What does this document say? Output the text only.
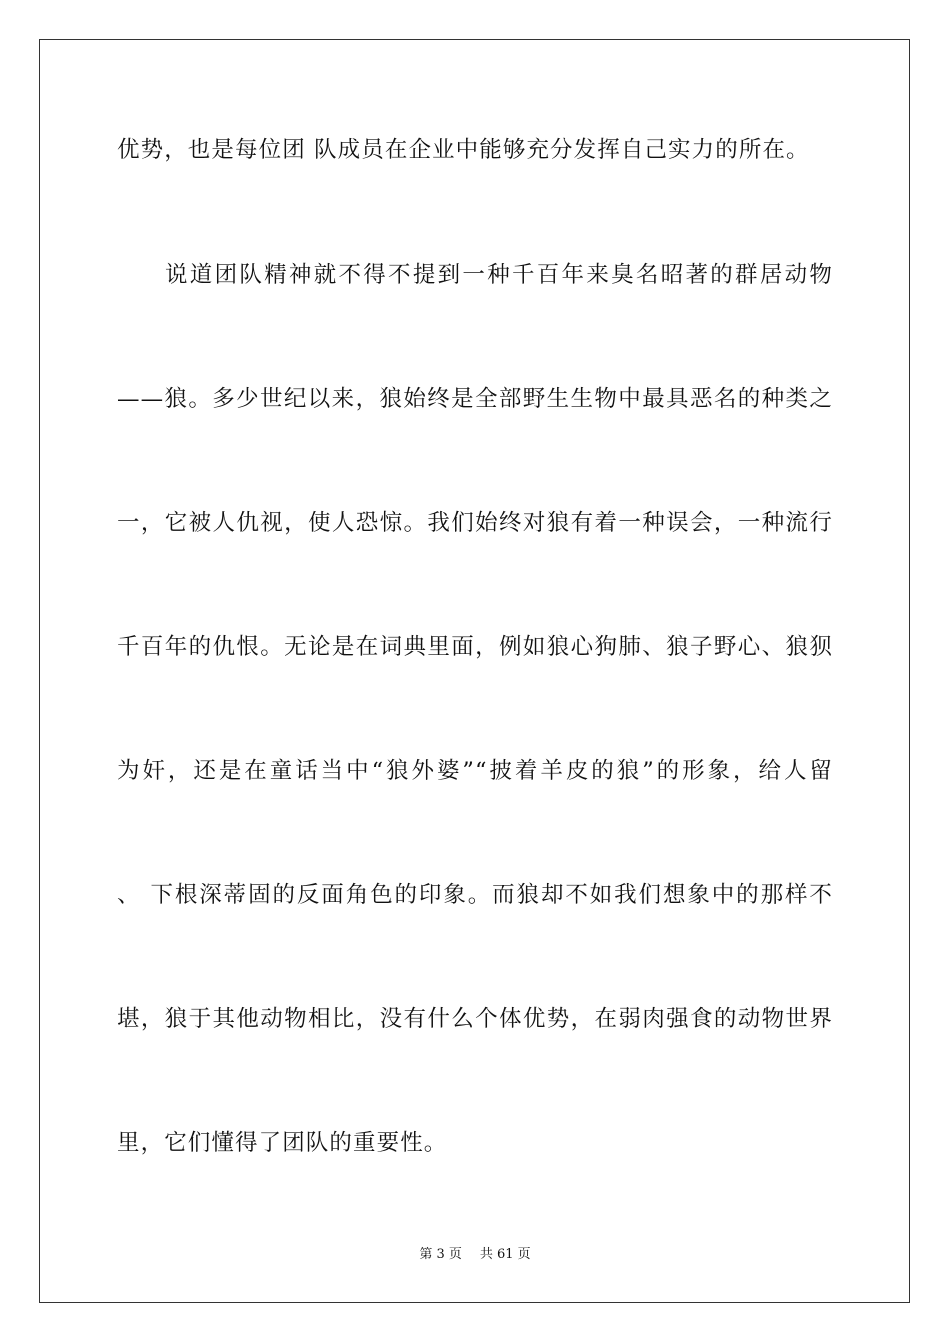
优势，也是每位团 队成员在企业中能够充分发挥自己实力的所在。
说道团队精神就不得不提到一种千百年来臭名昭著的群居动物
——狼。多少世纪以来，狼始终是全部野生生物中最具恶名的种类之
一，它被人仇视，使人恐惊。我们始终对狼有着一种误会，一种流行
千百年的仇恨。无论是在词典里面，例如狼心狗肺、狼子野心、狼狈
为奸，还是在童话当中“狼外婆”“披着羊皮的狼”的形象，给人留
、 下根深蒂固的反面角色的印象。而狼却不如我们想象中的那样不
堪，狼于其他动物相比，没有什么个体优势，在弱肉强食的动物世界
里，它们懂得了团队的重要性。
第 3 页 共 61 页
